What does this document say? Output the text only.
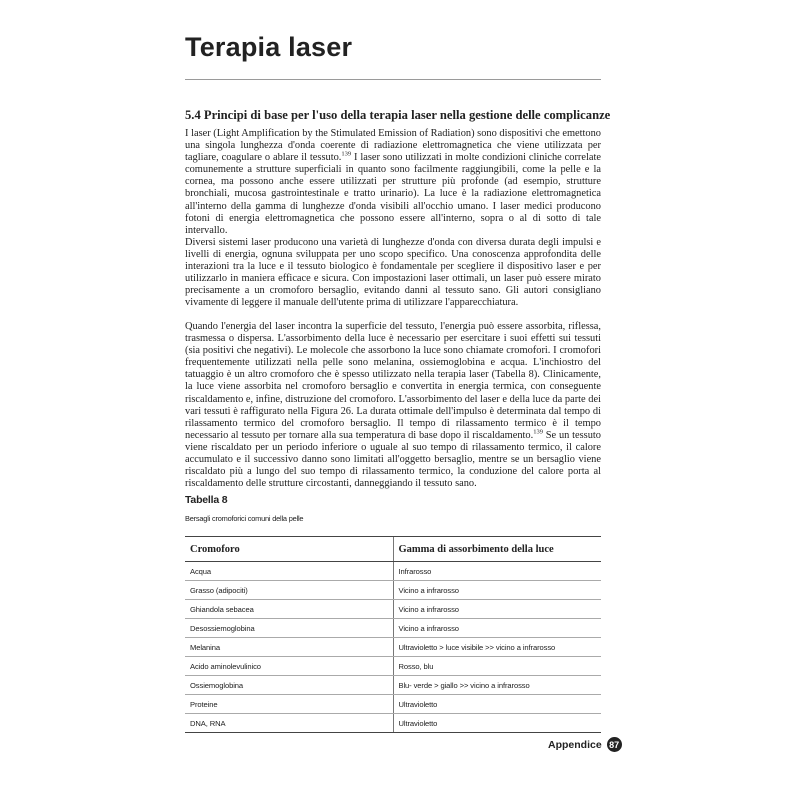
Terapia laser
5.4 Principi di base per l'uso della terapia laser nella gestione delle complicanze

I laser (Light Amplification by the Stimulated Emission of Radiation) sono dispositivi che emettono una singola lunghezza d'onda coerente di radiazione elettromagnetica che viene utilizzata per tagliare, coagulare o ablare il tessuto.$^{139}$ I laser sono utilizzati in molte condizioni cliniche correlate comunemente a strutture superficiali in quanto sono facilmente raggiungibili, come la pelle e la cornea, ma possono anche essere utilizzati per strutture più profonde (ad esempio, strutture bronchiali, mucosa gastrointestinale e tratto urinario). La luce è la radiazione elettromagnetica all'interno della gamma di lunghezze d'onda visibili all'occhio umano. I laser medici producono fotoni di energia elettromagnetica che possono essere all'interno, sopra o al di sotto di tale intervallo.

Diversi sistemi laser producono una varietà di lunghezze d'onda con diversa durata degli impulsi e livelli di energia, ognuna sviluppata per uno scopo specifico. Una conoscenza approfondita delle interazioni tra la luce e il tessuto biologico è fondamentale per scegliere il dispositivo laser e per utilizzarlo in maniera efficace e sicura. Con impostazioni laser ottimali, un laser può essere mirato precisamente a un cromoforo bersaglio, evitando danni al tessuto sano. Gli autori consigliano vivamente di leggere il manuale dell'utente prima di utilizzare l'apparecchiatura.

Quando l'energia del laser incontra la superficie del tessuto, l'energia può essere assorbita, riflessa, trasmessa o dispersa. L'assorbimento della luce è necessario per esercitare i suoi effetti sui tessuti (sia positivi che negativi). Le molecole che assorbono la luce sono chiamate cromofori. I cromofori frequentemente utilizzati nella pelle sono melanina, ossiemoglobina e acqua. L'inchiostro del tatuaggio è un altro cromoforo che è spesso utilizzato nella terapia laser (Tabella 8). Clinicamente, la luce viene assorbita nel cromoforo bersaglio e convertita in energia termica, con conseguente riscaldamento e, infine, distruzione del cromoforo. L'assorbimento del laser e della luce da parte dei vari tessuti è raffigurato nella Figura 26. La durata ottimale dell'impulso è determinata dal tempo di rilassamento termico del cromoforo bersaglio. Il tempo di rilassamento termico è il tempo necessario al tessuto per tornare alla sua temperatura di base dopo il riscaldamento.$^{139}$ Se un tessuto viene riscaldato per un periodo inferiore o uguale al suo tempo di rilassamento termico, il calore accumulato e il successivo danno sono limitati all'oggetto bersaglio, mentre se un bersaglio viene riscaldato più a lungo del suo tempo di rilassamento termico, la conduzione del calore porta al riscaldamento delle strutture circostanti, danneggiando il tessuto sano.

Tabella 8
Bersagli cromoforici comuni della pelle
Cromoforo	Gamma di assorbimento della luce
Acqua	Infrarosso
Grasso (adipociti)	Vicino a infrarosso
Ghiandola sebacea	Vicino a infrarosso
Desossiemoglobina	Vicino a infrarosso
Melanina	Ultravioletto > luce visibile >> vicino a infrarosso
Acido aminolevulinico	Rosso, blu
Ossiemoglobina	Blu- verde > giallo >> vicino a infrarosso
Proteine	Ultravioletto
DNA, RNA	Ultravioletto
Appendice 87
